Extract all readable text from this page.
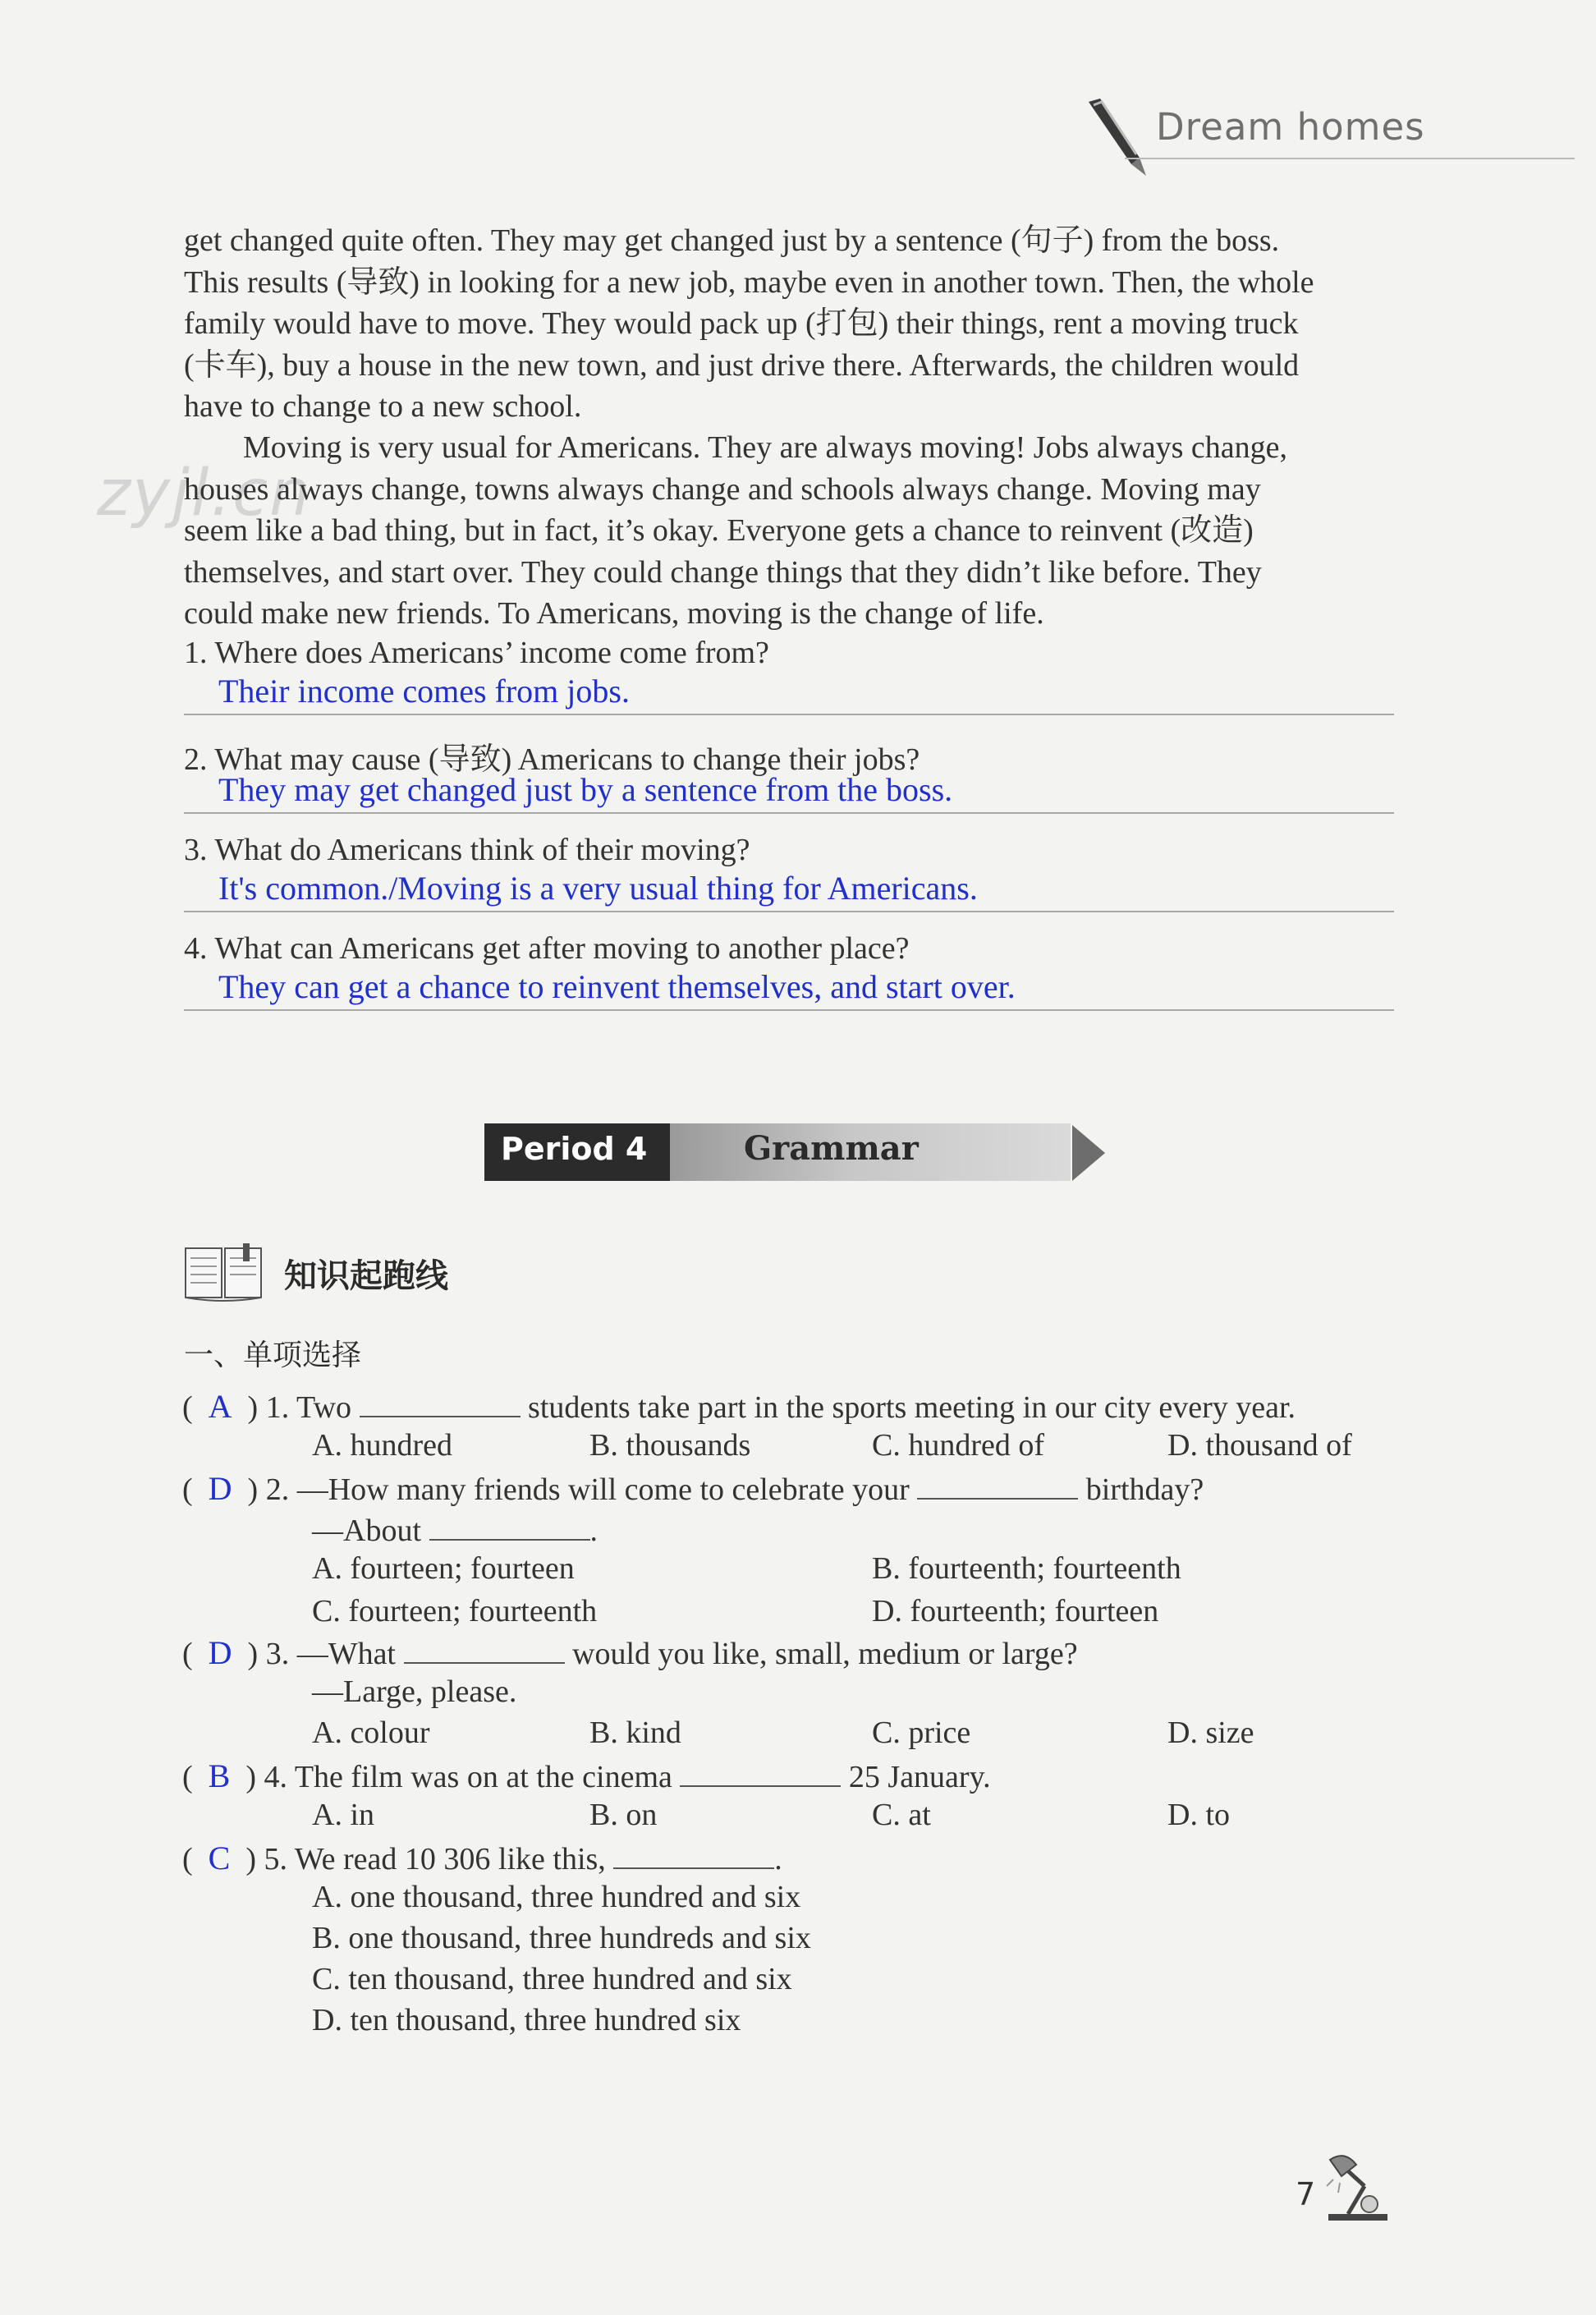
Dream homes
zyjl.cn
get changed quite often. They may get changed just by a sentence (句子) from the boss.
This results (导致) in looking for a new job, maybe even in another town. Then, the whole
family would have to move. They would pack up (打包) their things, rent a moving truck
(卡车), buy a house in the new town, and just drive there. Afterwards, the children would
have to change to a new school.
Moving is very usual for Americans. They are always moving! Jobs always change,
houses always change, towns always change and schools always change. Moving may
seem like a bad thing, but in fact, it’s okay. Everyone gets a chance to reinvent (改造)
themselves, and start over. They could change things that they didn’t like before. They
could make new friends. To Americans, moving is the change of life.
1. Where does Americans’ income come from?
Their income comes from jobs.
2. What may cause (导致) Americans to change their jobs?
They may get changed just by a sentence from the boss.
3. What do Americans think of their moving?
It's common./Moving is a very usual thing for Americans.
4. What can Americans get after moving to another place?
They can get a chance to reinvent themselves, and start over.
Period 4	Grammar
知识起跑线
一、单项选择
(  A  ) 1. Two	students take part in the sports meeting in our city every year.
A. hundred	B. thousands	C. hundred of	D. thousand of
(  D  ) 2. —How many friends will come to celebrate your	birthday?
—About	.
A. fourteen; fourteen	B. fourteenth; fourteenth
C. fourteen; fourteenth	D. fourteenth; fourteen
(  D  ) 3. —What	would you like, small, medium or large?
—Large, please.
A. colour	B. kind	C. price	D. size
(  B  ) 4. The film was on at the cinema	25 January.
A. in	B. on	C. at	D. to
(  C  ) 5. We read 10 306 like this,	.
A. one thousand, three hundred and six
B. one thousand, three hundreds and six
C. ten thousand, three hundred and six
D. ten thousand, three hundred six
7
